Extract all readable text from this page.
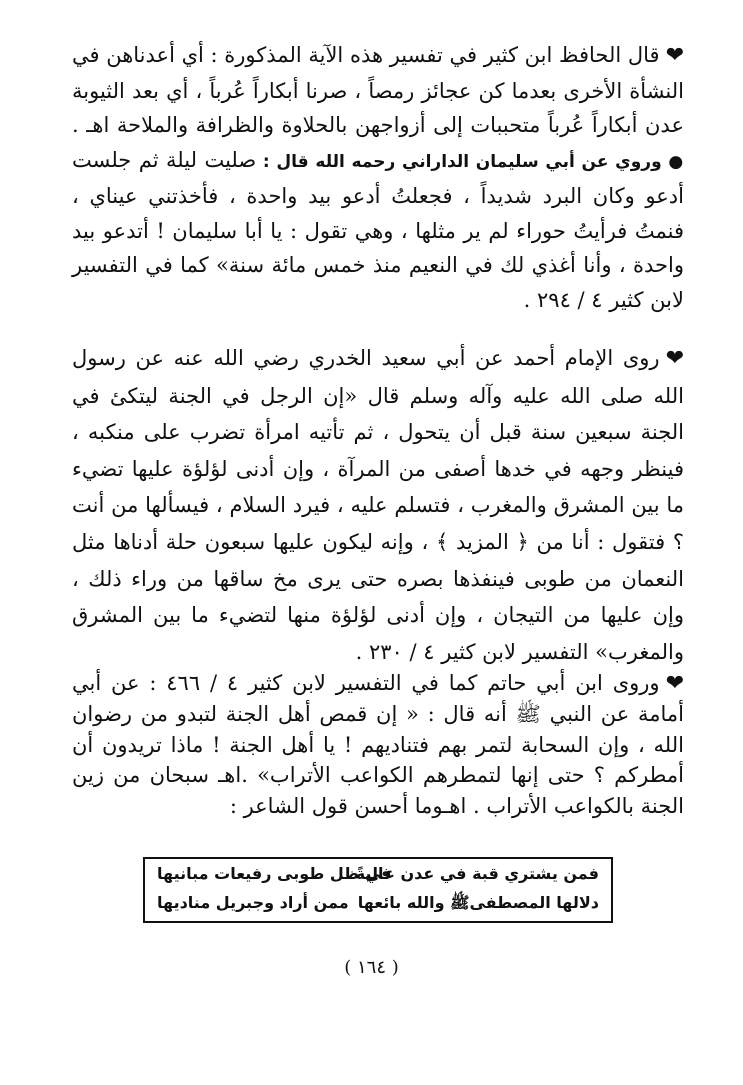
❤قال الحافظ ابن كثير في تفسير هذه الآية المذكورة : أي أعدناهن في النشأة الأخرى بعدما كن عجائز رمصاً ، صرنا أبكاراً عُرباً ، أي بعد الثيوبة عدن أبكاراً عُرباً متحببات إلى أزواجهن بالحلاوة والظرافة والملاحة اهـ . ● وروي عن أبي سليمان الداراني رحمه الله قال : صليت ليلة ثم جلست أدعو وكان البرد شديداً ، فجعلتُ أدعو بيد واحدة ، فأخذتني عيناي ، فنمتُ فرأيتُ حوراء لم ير مثلها ، وهي تقول : يا أبا سليمان ! أتدعو بيد واحدة ، وأنا أغذي لك في النعيم منذ خمس مائة سنة» كما في التفسير لابن كثير ٤ / ٢٩٤ .

❤روى الإمام أحمد عن أبي سعيد الخدري رضي الله عنه عن رسول الله صلى الله عليه وآله وسلم قال «إن الرجل في الجنة ليتكئ في الجنة سبعين سنة قبل أن يتحول ، ثم تأتيه امرأة تضرب على منكبه ، فينظر وجهه في خدها أصفى من المرآة ، وإن أدنى لؤلؤة عليها تضيء ما بين المشرق والمغرب ، فتسلم عليه ، فيرد السلام ، فيسألها من أنت ؟ فتقول : أنا من ﴿ المزيد ﴾ ، وإنه ليكون عليها سبعون حلة أدناها مثل النعمان من طوبى فينفذها بصره حتى يرى مخ ساقها من وراء ذلك ، وإن عليها من التيجان ، وإن أدنى لؤلؤة منها لتضيء ما بين المشرق والمغرب» التفسير لابن كثير ٤ / ٢٣٠ .

❤وروى ابن أبي حاتم كما في التفسير لابن كثير ٤ / ٤٦٦ : عن أبي أمامة عن النبي ﷺ أنه قال : « إن قمص أهل الجنة لتبدو من رضوان الله ، وإن السحابة لتمر بهم فتناديهم ! يا أهل الجنة ! ماذا تريدون أن أمطركم ؟ حتى إنها لتمطرهم الكواعب الأتراب» .اهـ سبحان من زين الجنة بالكواعب الأتراب . اهـوما أحسن قول الشاعر :

فمن يشتري قبة في عدن عاليةً
في ظل طوبى رفيعات مبانيها
دلالها المصطفىﷺ والله بائعها
ممن أراد وجبريل مناديها
( ١٦٤ )
